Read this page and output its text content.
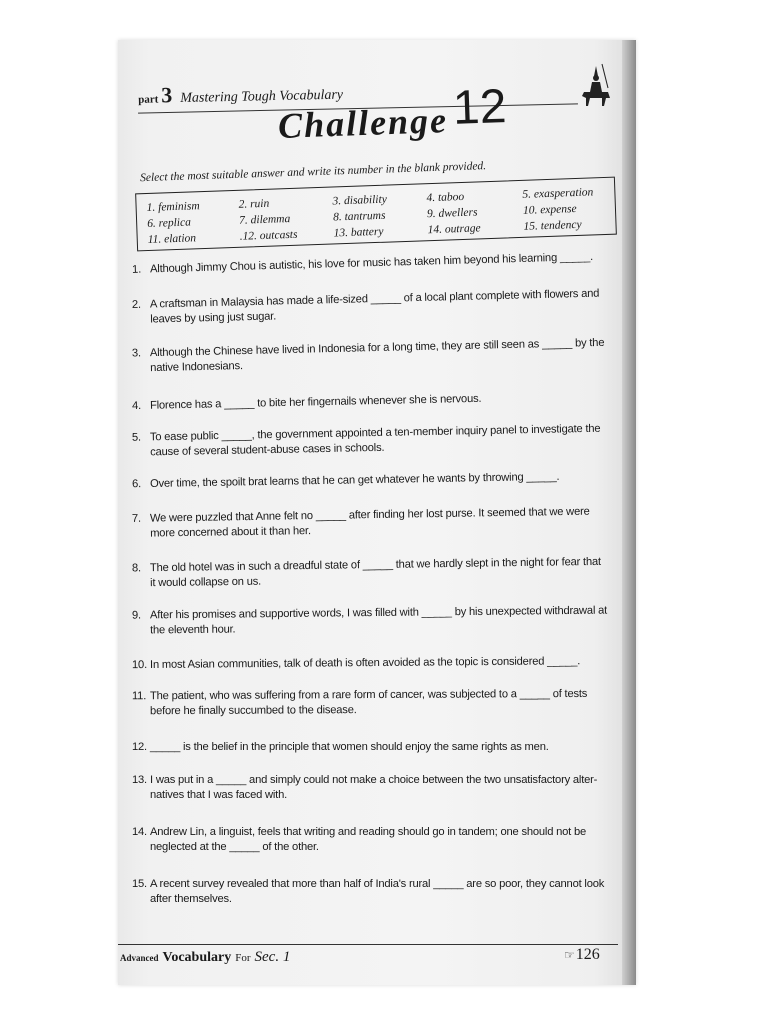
part 3 Mastering Tough Vocabulary
Challenge 12
Select the most suitable answer and write its number in the blank provided.
1. feminism
6. replica
11. elation
2. ruin
7. dilemma
.12. outcasts
3. disability
8. tantrums
13. battery
4. taboo
9. dwellers
14. outrage
5. exasperation
10. expense
15. tendency
1. Although Jimmy Chou is autistic, his love for music has taken him beyond his learning _____.
2. A craftsman in Malaysia has made a life-sized _____ of a local plant complete with flowers and
leaves by using just sugar.
3. Although the Chinese have lived in Indonesia for a long time, they are still seen as _____ by the
native Indonesians.
4. Florence has a _____ to bite her fingernails whenever she is nervous.
5. To ease public _____, the government appointed a ten-member inquiry panel to investigate the
cause of several student-abuse cases in schools.
6. Over time, the spoilt brat learns that he can get whatever he wants by throwing _____.
7. We were puzzled that Anne felt no _____ after finding her lost purse. It seemed that we were
more concerned about it than her.
8. The old hotel was in such a dreadful state of _____ that we hardly slept in the night for fear that
it would collapse on us.
9. After his promises and supportive words, I was filled with _____ by his unexpected withdrawal at
the eleventh hour.
10. In most Asian communities, talk of death is often avoided as the topic is considered _____.
11. The patient, who was suffering from a rare form of cancer, was subjected to a _____ of tests
before he finally succumbed to the disease.
12. _____ is the belief in the principle that women should enjoy the same rights as men.
13. I was put in a _____ and simply could not make a choice between the two unsatisfactory alter-
natives that I was faced with.
14. Andrew Lin, a linguist, feels that writing and reading should go in tandem; one should not be
neglected at the _____ of the other.
15. A recent survey revealed that more than half of India's rural _____ are so poor, they cannot look
after themselves.
Advanced Vocabulary For Sec. 1	☞126
